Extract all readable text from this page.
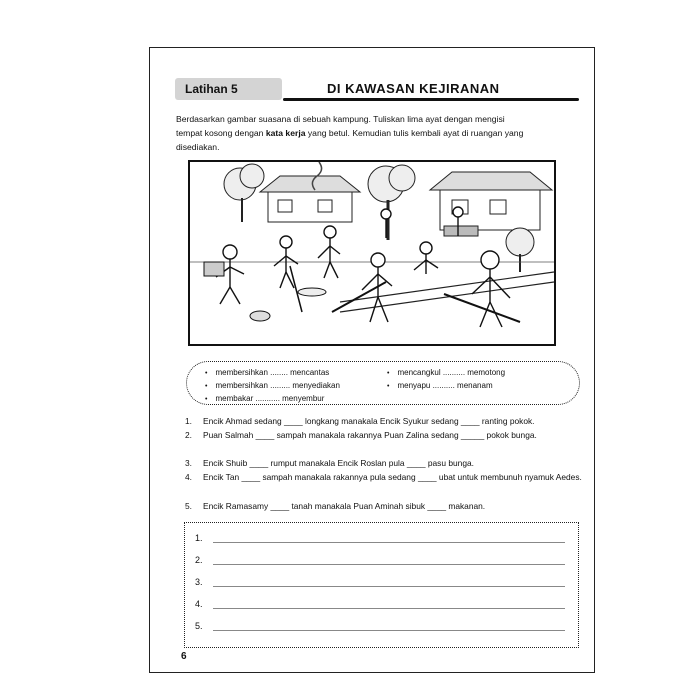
Latihan 5	DI KAWASAN KEJIRANAN
Berdasarkan gambar suasana di sebuah kampung. Tuliskan lima ayat dengan mengisi
tempat kosong dengan kata kerja yang betul. Kemudian tulis kembali ayat di ruangan yang
disediakan.
• membersihkan ........ mencantas	• mencangkul .......... memotong
• membersihkan ......... menyediakan	• menyapu .......... menanam
• membakar ........... menyembur
1. Encik Ahmad sedang ____ longkang manakala Encik Syukur sedang ____ ranting pokok.
2. Puan Salmah ____ sampah manakala rakannya Puan Zalina sedang _____ pokok bunga.
3. Encik Shuib ____ rumput manakala Encik Roslan pula ____ pasu bunga.
4. Encik Tan ____ sampah manakala rakannya pula sedang ____ ubat untuk membunuh nyamuk Aedes.
5. Encik Ramasamy ____ tanah manakala Puan Aminah sibuk ____ makanan.
1.
2.
3.
4.
5.
6
